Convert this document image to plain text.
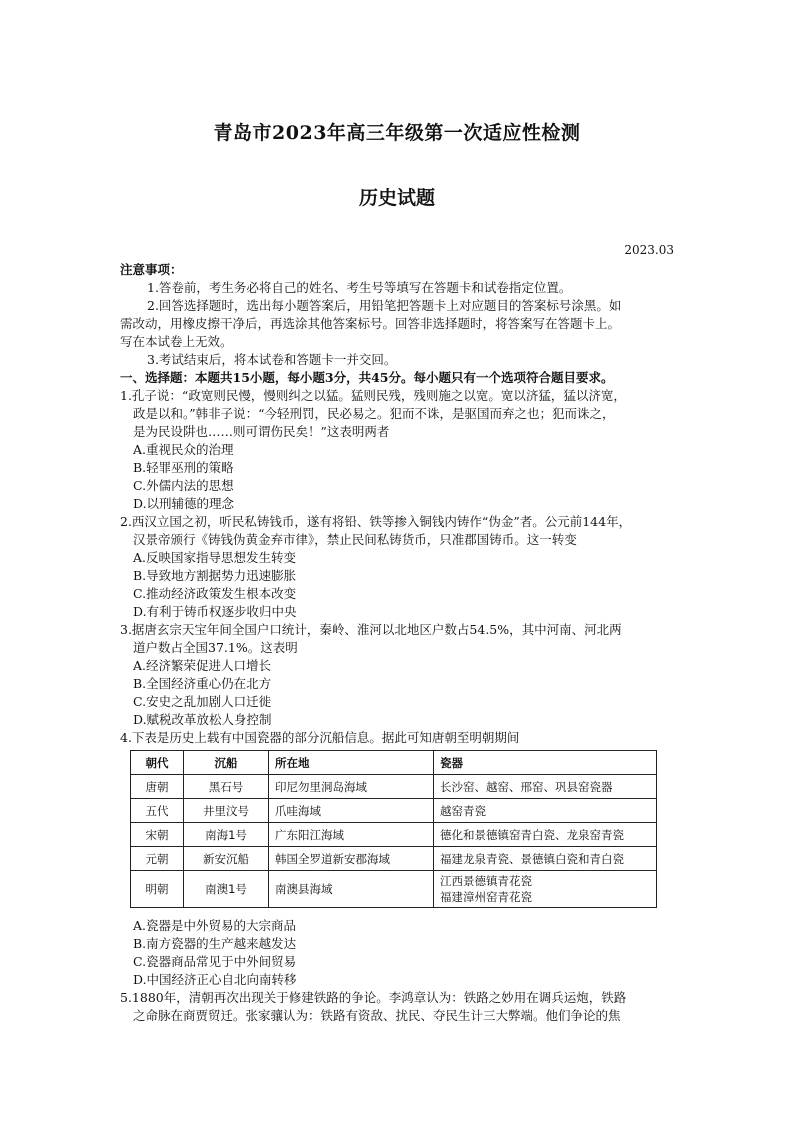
青岛市2023年高三年级第一次适应性检测
历史试题
2023.03
注意事项：
1.答卷前，考生务必将自己的姓名、考生号等填写在答题卡和试卷指定位置。
2.回答选择题时，选出每小题答案后，用铅笔把答题卡上对应题目的答案标号涂黑。如
需改动，用橡皮擦干净后，再选涂其他答案标号。回答非选择题时，将答案写在答题卡上。
写在本试卷上无效。
3.考试结束后，将本试卷和答题卡一并交回。
一、选择题：本题共15小题，每小题3分，共45分。每小题只有一个选项符合题目要求。
1.孔子说：“政宽则民慢，慢则纠之以猛。猛则民残，残则施之以宽。宽以济猛，猛以济宽，
政是以和。”韩非子说：“今轻刑罚，民必易之。犯而不诛，是驱国而弃之也；犯而诛之，
是为民设阱也……则可谓伤民矣！”这表明两者
A.重视民众的治理
B.轻罪巫刑的策略
C.外儒内法的思想
D.以刑辅德的理念
2.西汉立国之初，听民私铸钱币，遂有将铅、铁等掺入铜钱内铸作“伪金”者。公元前144年，
汉景帝颁行《铸钱伪黄金弃市律》，禁止民间私铸货币，只准郡国铸币。这一转变
A.反映国家指导思想发生转变
B.导致地方割据势力迅速膨胀
C.推动经济政策发生根本改变
D.有利于铸币权逐步收归中央
3.据唐玄宗天宝年间全国户口统计，秦岭、淮河以北地区户数占54.5%，其中河南、河北两
道户数占全国37.1%。这表明
A.经济繁荣促进人口增长
B.全国经济重心仍在北方
C.安史之乱加剧人口迁徙
D.赋税改革放松人身控制
4.下表是历史上载有中国瓷器的部分沉船信息。据此可知唐朝至明朝期间
朝代	沉船	所在地	瓷器
唐朝	黑石号	印尼勿里洞岛海域	长沙窑、越窑、邢窑、巩县窑瓷器
五代	井里汶号	爪哇海域	越窑青瓷
宋朝	南海1号	广东阳江海域	德化和景德镇窑青白瓷、龙泉窑青瓷
元朝	新安沉船	韩国全罗道新安郡海域	福建龙泉青瓷、景德镇白瓷和青白瓷
明朝	南澳1号	南澳县海域	江西景德镇青花瓷
福建漳州窑青花瓷
A.瓷器是中外贸易的大宗商品
B.南方瓷器的生产越来越发达
C.瓷器商品常见于中外间贸易
D.中国经济正心自北向南转移
5.1880年，清朝再次出现关于修建铁路的争论。李鸿章认为：铁路之妙用在调兵运炮，铁路
之命脉在商贾贸迁。张家骧认为：铁路有资敌、扰民、夺民生计三大弊端。他们争论的焦
